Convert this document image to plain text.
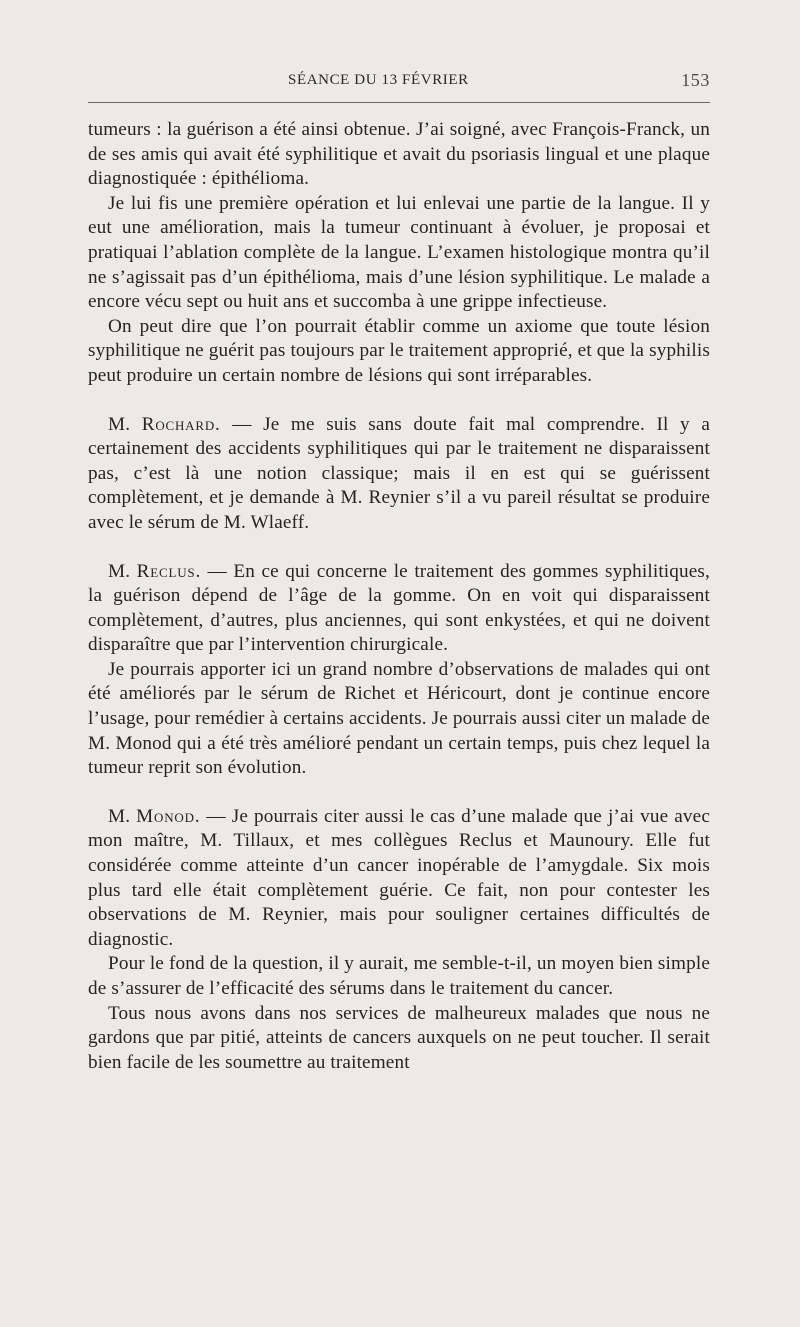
SÉANCE DU 13 FÉVRIER	153

tumeurs : la guérison a été ainsi obtenue. J’ai soigné, avec François-Franck, un de ses amis qui avait été syphilitique et avait du psoriasis lingual et une plaque diagnostiquée : épithélioma.

Je lui fis une première opération et lui enlevai une partie de la langue. Il y eut une amélioration, mais la tumeur continuant à évoluer, je proposai et pratiquai l’ablation complète de la langue. L’examen histologique montra qu’il ne s’agissait pas d’un épithélioma, mais d’une lésion syphilitique. Le malade a encore vécu sept ou huit ans et succomba à une grippe infectieuse.

On peut dire que l’on pourrait établir comme un axiome que toute lésion syphilitique ne guérit pas toujours par le traitement approprié, et que la syphilis peut produire un certain nombre de lésions qui sont irréparables.

M. Rochard. — Je me suis sans doute fait mal comprendre. Il y a certainement des accidents syphilitiques qui par le traitement ne disparaissent pas, c’est là une notion classique; mais il en est qui se guérissent complètement, et je demande à M. Reynier s’il a vu pareil résultat se produire avec le sérum de M. Wlaeff.

M. Reclus. — En ce qui concerne le traitement des gommes syphilitiques, la guérison dépend de l’âge de la gomme. On en voit qui disparaissent complètement, d’autres, plus anciennes, qui sont enkystées, et qui ne doivent disparaître que par l’intervention chirurgicale.

Je pourrais apporter ici un grand nombre d’observations de malades qui ont été améliorés par le sérum de Richet et Héricourt, dont je continue encore l’usage, pour remédier à certains accidents. Je pourrais aussi citer un malade de M. Monod qui a été très amélioré pendant un certain temps, puis chez lequel la tumeur reprit son évolution.

M. Monod. — Je pourrais citer aussi le cas d’une malade que j’ai vue avec mon maître, M. Tillaux, et mes collègues Reclus et Maunoury. Elle fut considérée comme atteinte d’un cancer inopérable de l’amygdale. Six mois plus tard elle était complètement guérie. Ce fait, non pour contester les observations de M. Reynier, mais pour souligner certaines difficultés de diagnostic.

Pour le fond de la question, il y aurait, me semble-t-il, un moyen bien simple de s’assurer de l’efficacité des sérums dans le traitement du cancer.

Tous nous avons dans nos services de malheureux malades que nous ne gardons que par pitié, atteints de cancers auxquels on ne peut toucher. Il serait bien facile de les soumettre au traitement
